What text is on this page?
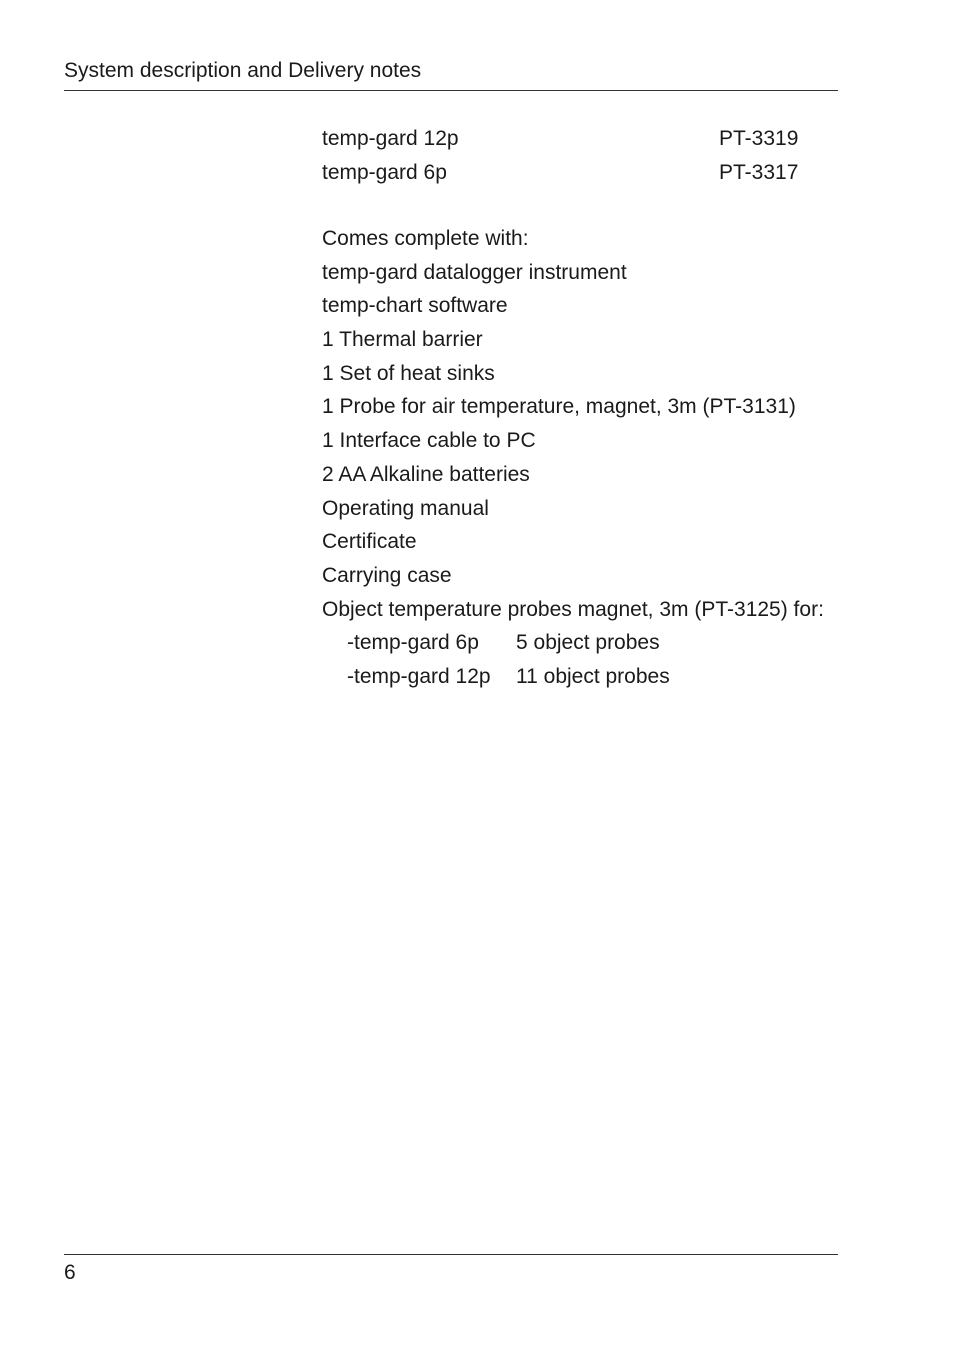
System description and Delivery notes
temp-gard 12p	PT-3319
temp-gard 6p	PT-3317
Comes complete with:
temp-gard datalogger instrument
temp-chart software
1 Thermal barrier
1 Set of heat sinks
1 Probe for air temperature, magnet, 3m (PT-3131)
1 Interface cable to PC
2 AA Alkaline batteries
Operating manual
Certificate
Carrying case
Object temperature probes magnet, 3m (PT-3125) for:
-temp-gard 6p 5 object probes
-temp-gard 12p 11 object probes
6
